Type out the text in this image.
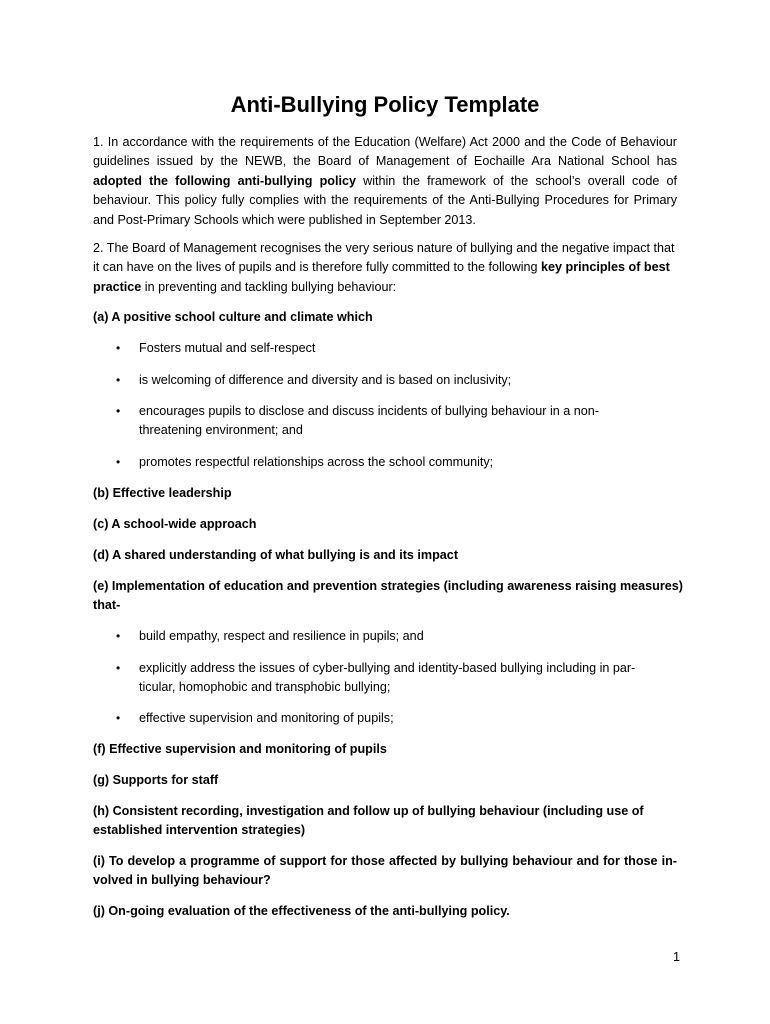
Anti-Bullying Policy Template

1. In accordance with the requirements of the Education (Welfare) Act 2000 and the Code of Behaviour guidelines issued by the NEWB, the Board of Management of Eochaille Ara National School has adopted the following anti-bullying policy within the framework of the school’s overall code of behaviour. This policy fully complies with the requirements of the Anti-Bullying Procedures for Primary and Post-Primary Schools which were published in September 2013.

2. The Board of Management recognises the very serious nature of bullying and the negative impact that it can have on the lives of pupils and is therefore fully committed to the following key principles of best practice in preventing and tackling bullying behaviour:

(a) A positive school culture and climate which

•	Fosters mutual and self-respect

•	is welcoming of difference and diversity and is based on inclusivity;

•	encourages pupils to disclose and discuss incidents of bullying behaviour in a non-threatening environment; and

•	promotes respectful relationships across the school community;

(b) Effective leadership

(c) A school-wide approach

(d) A shared understanding of what bullying is and its impact

(e) Implementation of education and prevention strategies (including awareness raising measures) that-

•	build empathy, respect and resilience in pupils; and

•	explicitly address the issues of cyber-bullying and identity-based bullying including in par-ticular, homophobic and transphobic bullying;

•	effective supervision and monitoring of pupils;

(f) Effective supervision and monitoring of pupils

(g) Supports for staff

(h) Consistent recording, investigation and follow up of bullying behaviour (including use of established intervention strategies)

(i) To develop a programme of support for those affected by bullying behaviour and for those in-volved in bullying behaviour?

(j) On-going evaluation of the effectiveness of the anti-bullying policy.

1
